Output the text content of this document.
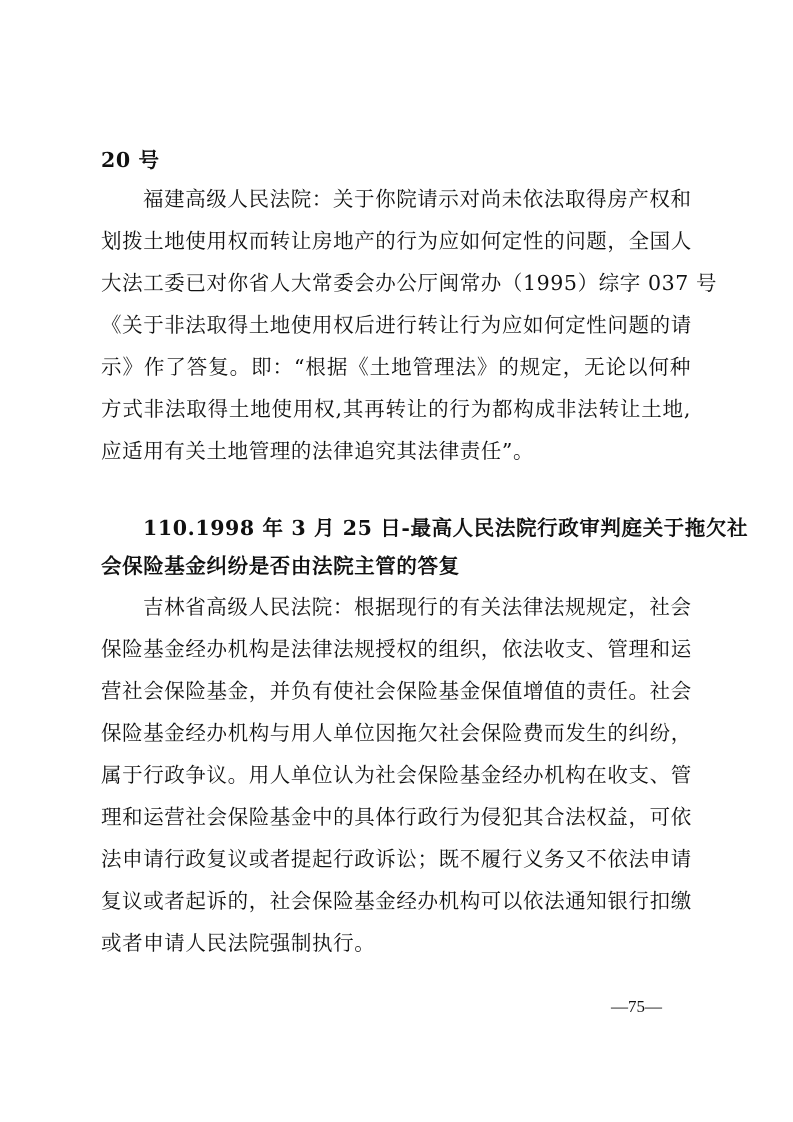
20 号
福建高级人民法院：关于你院请示对尚未依法取得房产权和
划拨土地使用权而转让房地产的行为应如何定性的问题，全国人
大法工委已对你省人大常委会办公厅闽常办（1995）综字 037 号
《关于非法取得土地使用权后进行转让行为应如何定性问题的请
示》作了答复。即：“根据《土地管理法》的规定，无论以何种
方式非法取得土地使用权,其再转让的行为都构成非法转让土地,
应适用有关土地管理的法律追究其法律责任”。
110.1998 年 3 月 25 日-最高人民法院行政审判庭关于拖欠社
会保险基金纠纷是否由法院主管的答复
吉林省高级人民法院：根据现行的有关法律法规规定，社会
保险基金经办机构是法律法规授权的组织，依法收支、管理和运
营社会保险基金，并负有使社会保险基金保值增值的责任。社会
保险基金经办机构与用人单位因拖欠社会保险费而发生的纠纷，
属于行政争议。用人单位认为社会保险基金经办机构在收支、管
理和运营社会保险基金中的具体行政行为侵犯其合法权益，可依
法申请行政复议或者提起行政诉讼；既不履行义务又不依法申请
复议或者起诉的，社会保险基金经办机构可以依法通知银行扣缴
或者申请人民法院强制执行。
—75—
